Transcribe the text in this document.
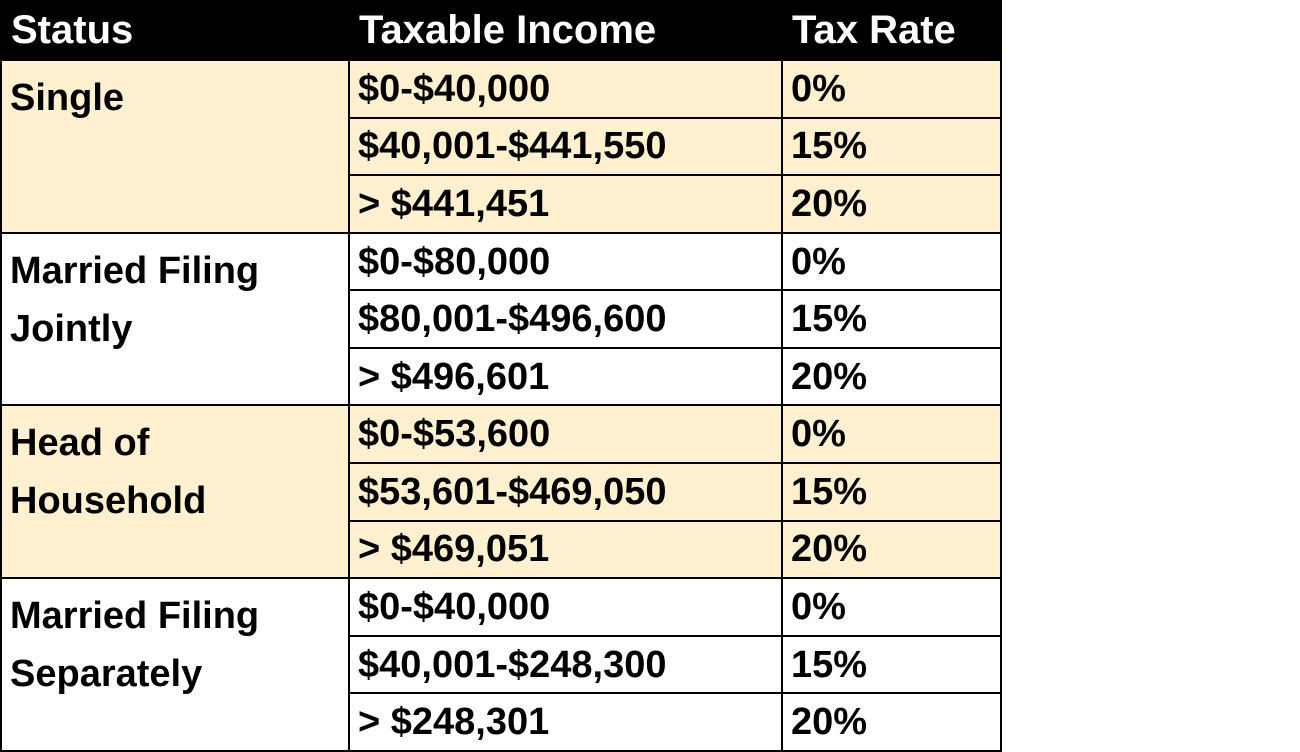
Status	Taxable Income	Tax Rate
Single	$0-$40,000	0%
	$40,001-$441,550	15%
	> $441,451	20%
Married Filing Jointly	$0-$80,000	0%
	$80,001-$496,600	15%
	> $496,601	20%
Head of Household	$0-$53,600	0%
	$53,601-$469,050	15%
	> $469,051	20%
Married Filing Separately	$0-$40,000	0%
	$40,001-$248,300	15%
	> $248,301	20%
